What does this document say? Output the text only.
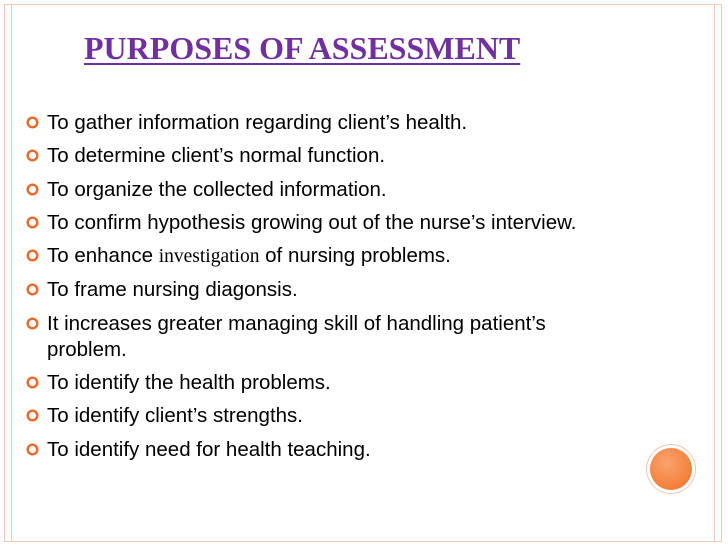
PURPOSES OF ASSESSMENT
To gather information regarding client’s health.
To determine client’s normal function.
To organize the collected information.
To confirm hypothesis growing out of the nurse’s interview.
To enhance investigation of nursing problems.
To frame nursing diagonsis.
It increases greater managing skill of handling patient’s problem.
To identify the health problems.
To identify client’s strengths.
To identify need for health teaching.
